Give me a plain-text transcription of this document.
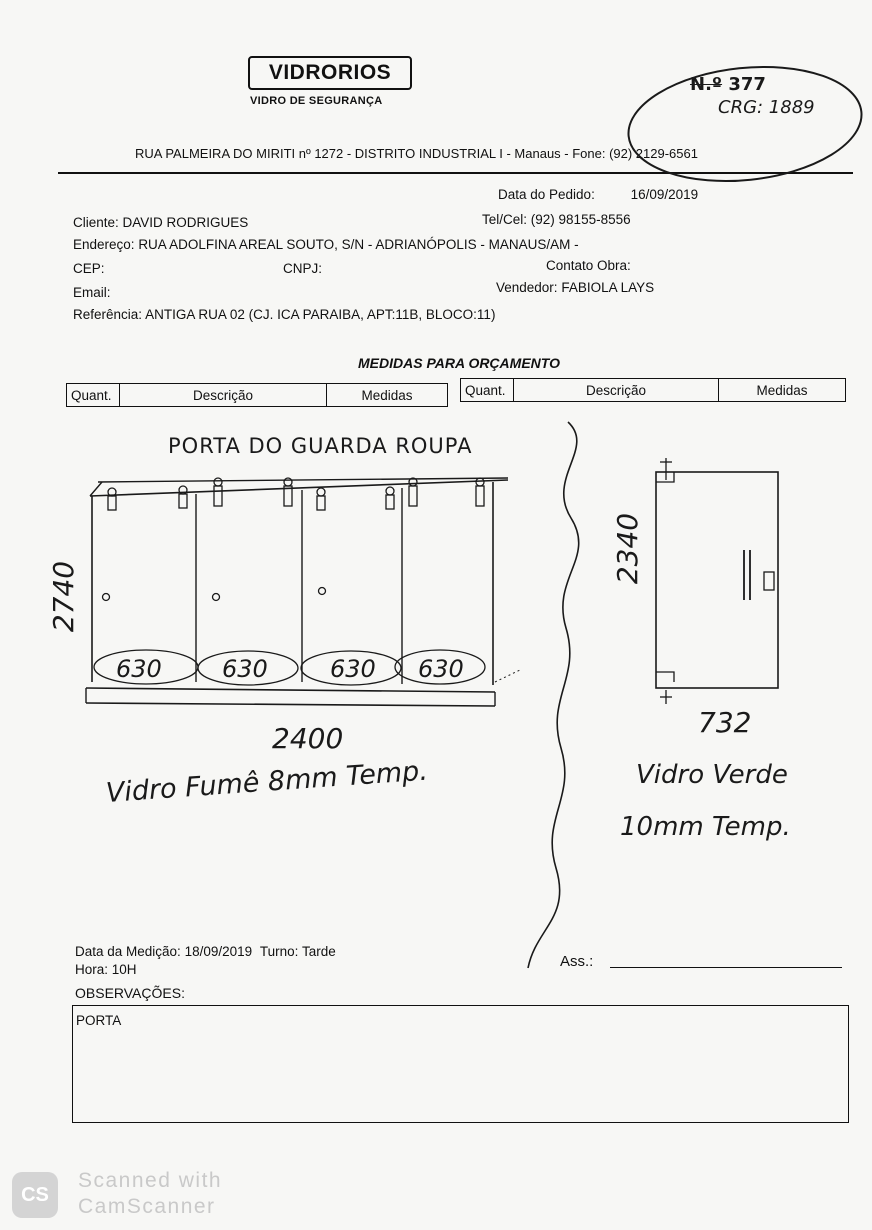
VIDRORIOS
VIDRO DE SEGURANÇA
N.º 377
CRG: 1889
RUA PALMEIRA DO MIRITI nº 1272 - DISTRITO INDUSTRIAL I - Manaus - Fone: (92) 2129-6561
Data do Pedido:	16/09/2019
Cliente: DAVID RODRIGUES	Tel/Cel: (92) 98155-8556
Endereço: RUA ADOLFINA AREAL SOUTO, S/N - ADRIANÓPOLIS - MANAUS/AM -
CEP:	CNPJ:	Contato Obra:
Email:	Vendedor: FABIOLA LAYS
Referência: ANTIGA RUA 02 (CJ. ICA PARAIBA, APT:11B, BLOCO:11)
MEDIDAS PARA ORÇAMENTO
Quant.	Descrição	Medidas	Quant.	Descrição	Medidas
PORTA DO GUARDA ROUPA
630	630	630 630
2740
2400
Vidro Fumê 8mm Temp.
2340
732
Vidro Verde
10mm Temp.
Data da Medição: 18/09/2019 Turno: Tarde
Hora: 10H	Ass.:
OBSERVAÇÕES:
PORTA
CS
Scanned with
CamScanner
